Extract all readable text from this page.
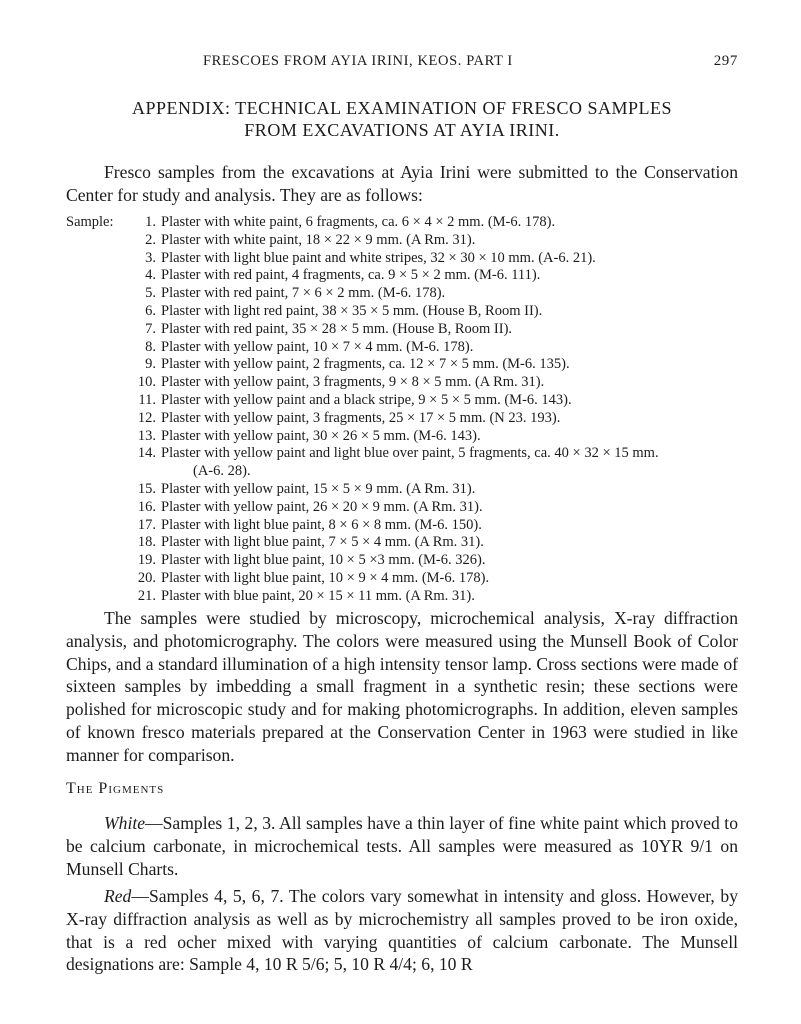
FRESCOES FROM AYIA IRINI, KEOS. PART I	297
APPENDIX: TECHNICAL EXAMINATION OF FRESCO SAMPLES
FROM EXCAVATIONS AT AYIA IRINI.

Fresco samples from the excavations at Ayia Irini were submitted to the Conservation Center for study and analysis. They are as follows:

Sample:	1. Plaster with white paint, 6 fragments, ca. 6 × 4 × 2 mm. (M-6. 178).
2. Plaster with white paint, 18 × 22 × 9 mm. (A Rm. 31).
3. Plaster with light blue paint and white stripes, 32 × 30 × 10 mm. (A-6. 21).
4. Plaster with red paint, 4 fragments, ca. 9 × 5 × 2 mm. (M-6. 111).
5. Plaster with red paint, 7 × 6 × 2 mm. (M-6. 178).
6. Plaster with light red paint, 38 × 35 × 5 mm. (House B, Room II).
7. Plaster with red paint, 35 × 28 × 5 mm. (House B, Room II).
8. Plaster with yellow paint, 10 × 7 × 4 mm. (M-6. 178).
9. Plaster with yellow paint, 2 fragments, ca. 12 × 7 × 5 mm. (M-6. 135).
10. Plaster with yellow paint, 3 fragments, 9 × 8 × 5 mm. (A Rm. 31).
11. Plaster with yellow paint and a black stripe, 9 × 5 × 5 mm. (M-6. 143).
12. Plaster with yellow paint, 3 fragments, 25 × 17 × 5 mm. (N 23. 193).
13. Plaster with yellow paint, 30 × 26 × 5 mm. (M-6. 143).
14. Plaster with yellow paint and light blue over paint, 5 fragments, ca. 40 × 32 × 15 mm.
(A-6. 28).
15. Plaster with yellow paint, 15 × 5 × 9 mm. (A Rm. 31).
16. Plaster with yellow paint, 26 × 20 × 9 mm. (A Rm. 31).
17. Plaster with light blue paint, 8 × 6 × 8 mm. (M-6. 150).
18. Plaster with light blue paint, 7 × 5 × 4 mm. (A Rm. 31).
19. Plaster with light blue paint, 10 × 5 ×3 mm. (M-6. 326).
20. Plaster with light blue paint, 10 × 9 × 4 mm. (M-6. 178).
21. Plaster with blue paint, 20 × 15 × 11 mm. (A Rm. 31).

The samples were studied by microscopy, microchemical analysis, X-ray diffraction analysis, and photomicrography. The colors were measured using the Munsell Book of Color Chips, and a standard illumination of a high intensity tensor lamp. Cross sections were made of sixteen samples by imbedding a small fragment in a synthetic resin; these sections were polished for microscopic study and for making photomicrographs. In addition, eleven samples of known fresco materials prepared at the Conservation Center in 1963 were studied in like manner for comparison.

The Pigments

White—Samples 1, 2, 3. All samples have a thin layer of fine white paint which proved to be calcium carbonate, in microchemical tests. All samples were measured as 10YR 9/1 on Munsell Charts.

Red—Samples 4, 5, 6, 7. The colors vary somewhat in intensity and gloss. However, by X-ray diffraction analysis as well as by microchemistry all samples proved to be iron oxide, that is a red ocher mixed with varying quantities of calcium carbonate. The Munsell designations are: Sample 4, 10 R 5/6; 5, 10 R 4/4; 6, 10 R
